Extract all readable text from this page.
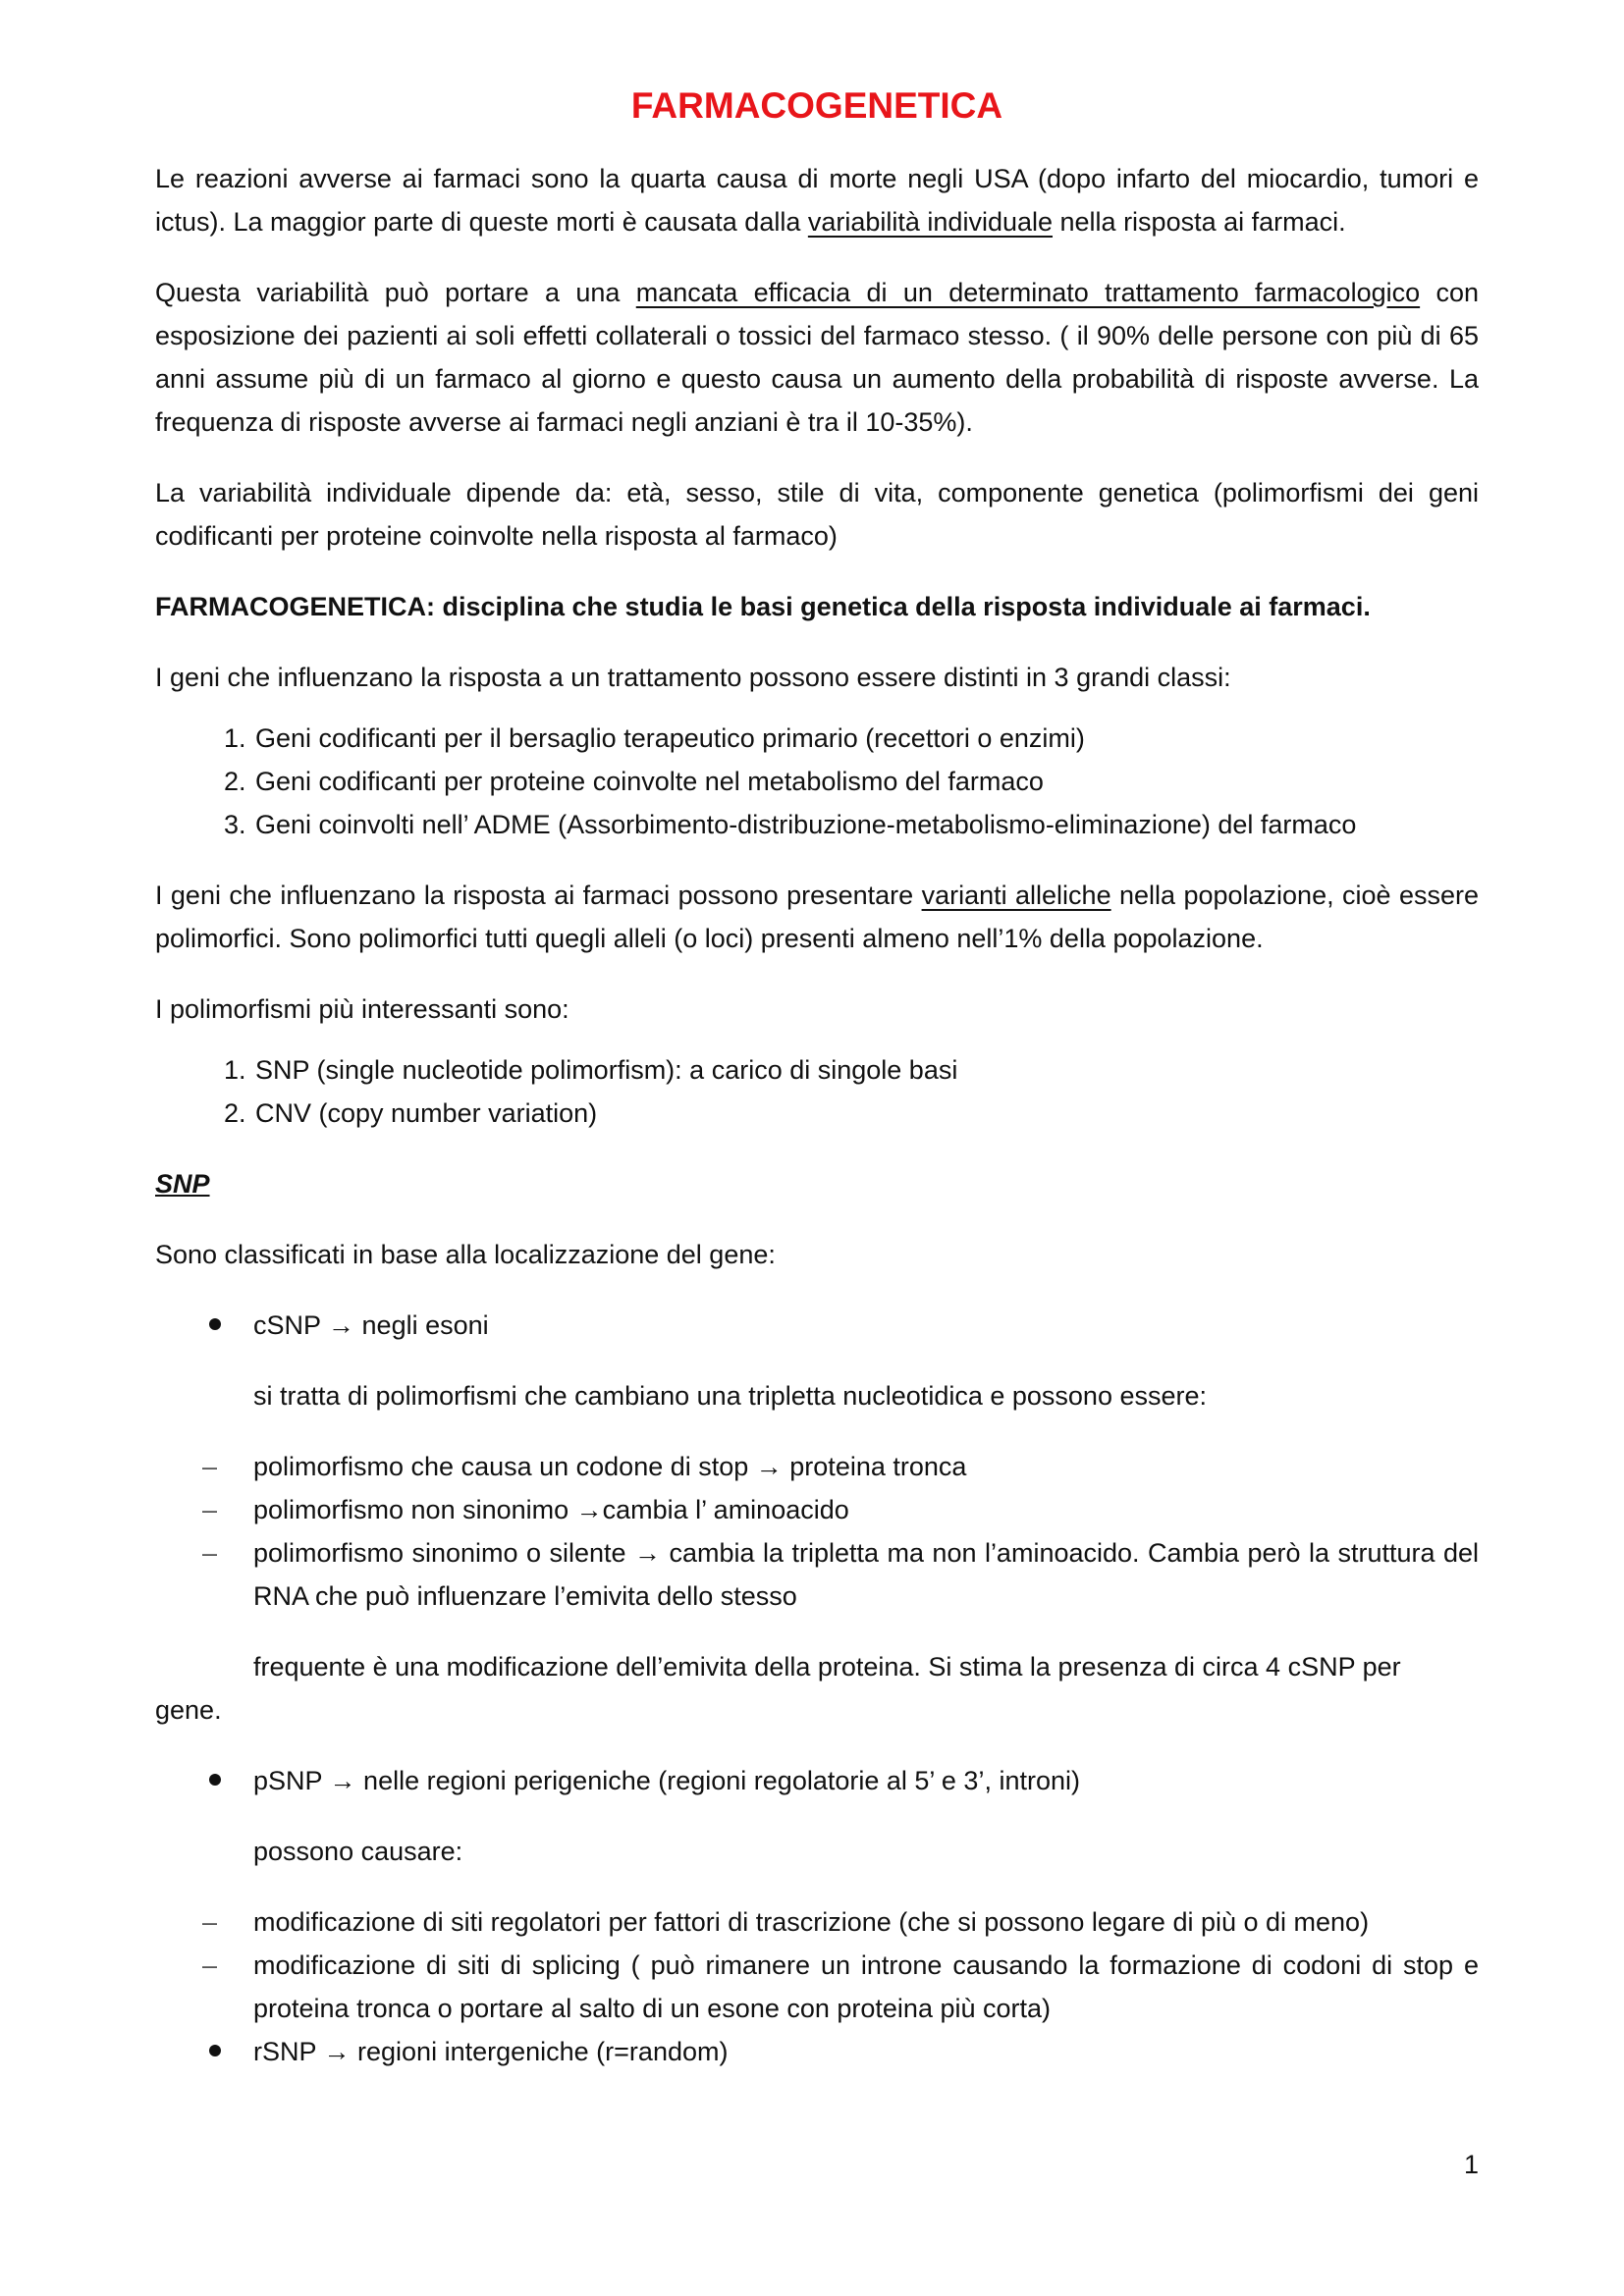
FARMACOGENETICA

Le reazioni avverse ai farmaci sono la quarta causa di morte negli USA (dopo infarto del miocardio, tumori e ictus). La maggior parte di queste morti è causata dalla variabilità individuale nella risposta ai farmaci.

Questa variabilità può portare a una mancata efficacia di un determinato trattamento farmacologico con esposizione dei pazienti ai soli effetti collaterali o tossici del farmaco stesso. ( il 90% delle persone con più di 65 anni assume più di un farmaco al giorno e questo causa un aumento della probabilità di risposte avverse. La frequenza di risposte avverse ai farmaci negli anziani è tra il 10-35%).

La variabilità individuale dipende da: età, sesso, stile di vita, componente genetica (polimorfismi dei geni codificanti per proteine coinvolte nella risposta al farmaco)

FARMACOGENETICA: disciplina che studia le basi genetica della risposta individuale ai farmaci.

I geni che influenzano la risposta a un trattamento possono essere distinti in 3 grandi classi:

1. Geni codificanti per il bersaglio terapeutico primario (recettori o enzimi)
2. Geni codificanti per proteine coinvolte nel metabolismo del farmaco
3. Geni coinvolti nell’ ADME (Assorbimento-distribuzione-metabolismo-eliminazione) del farmaco

I geni che influenzano la risposta ai farmaci possono presentare varianti alleliche nella popolazione, cioè essere polimorfici. Sono polimorfici tutti quegli alleli (o loci) presenti almeno nell’1% della popolazione.

I polimorfismi più interessanti sono:

1. SNP (single nucleotide polimorfism): a carico di singole basi
2. CNV (copy number variation)
SNP

Sono classificati in base alla localizzazione del gene:

cSNP → negli esoni
si tratta di polimorfismi che cambiano una tripletta nucleotidica e possono essere:
– polimorfismo che causa un codone di stop → proteina tronca
– polimorfismo non sinonimo →cambia l’ aminoacido
– polimorfismo sinonimo o silente → cambia la tripletta ma non l’aminoacido. Cambia però la struttura del RNA che può influenzare l’emivita dello stesso
frequente è una modificazione dell’emivita della proteina. Si stima la presenza di circa 4 cSNP per
gene.
pSNP → nelle regioni perigeniche (regioni regolatorie al 5’ e 3’, introni)
possono causare:
– modificazione di siti regolatori per fattori di trascrizione (che si possono legare di più o di meno)
– modificazione di siti di splicing ( può rimanere un introne causando la formazione di codoni di stop e proteina tronca o portare al salto di un esone con proteina più corta)
rSNP → regioni intergeniche (r=random)
1
